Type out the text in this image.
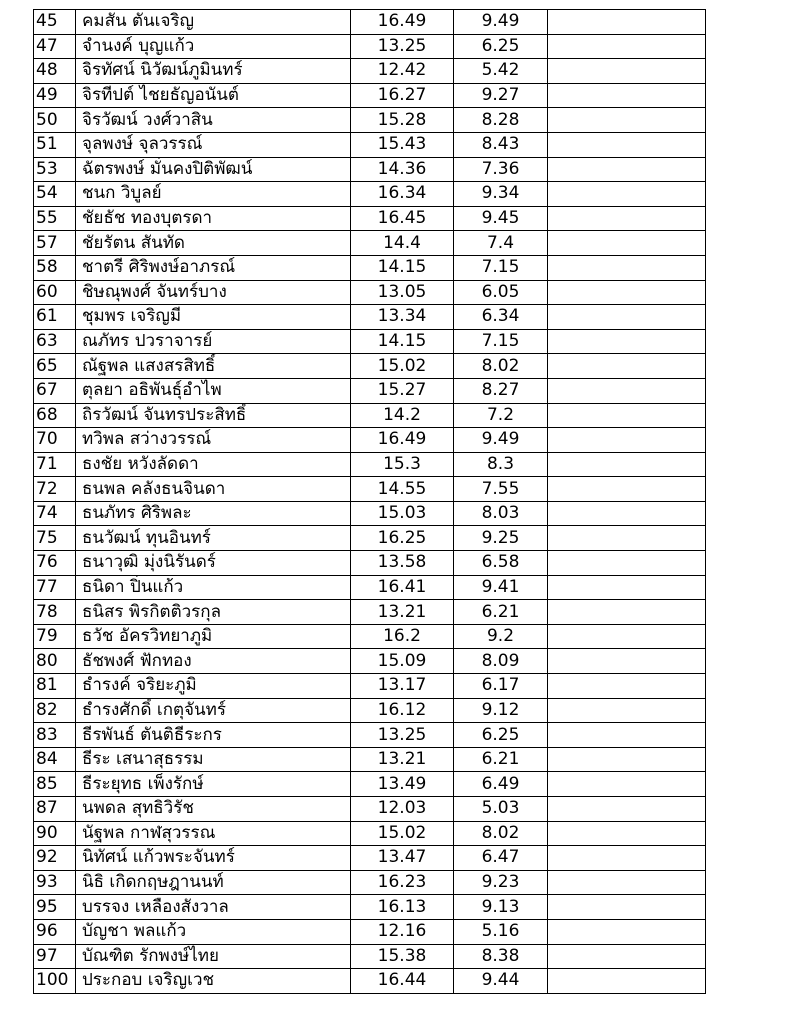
45	คมสัน ตันเจริญ	16.49	9.49	
47	จำนงค์ บุญแก้ว	13.25	6.25	
48	จิรทัศน์ นิวัฒน์ภูมินทร์	12.42	5.42	
49	จิรทีปต์ ไชยธัญอนันต์	16.27	9.27	
50	จิรวัฒน์ วงศ์วาสิน	15.28	8.28	
51	จุลพงษ์ จุลวรรณ์	15.43	8.43	
53	ฉัตรพงษ์ มั่นคงปิติพัฒน์	14.36	7.36	
54	ชนก วิบูลย์	16.34	9.34	
55	ชัยธัช ทองบุตรดา	16.45	9.45	
57	ชัยรัตน สันทัด	14.4	7.4	
58	ชาตรี ศิริพงษ์อาภรณ์	14.15	7.15	
60	ชิษณุพงศ์ จันทร์บาง	13.05	6.05	
61	ชุมพร เจริญมี	13.34	6.34	
63	ณภัทร ปวราจารย์	14.15	7.15	
65	ณัฐพล แสงสรสิทธิ์	15.02	8.02	
67	ตุลยา อธิพันธุ์อำไพ	15.27	8.27	
68	ถิรวัฒน์ จันทรประสิทธิ์	14.2	7.2	
70	ทวิพล สว่างวรรณ์	16.49	9.49	
71	ธงชัย หวังลัดดา	15.3	8.3	
72	ธนพล คลังธนจินดา	14.55	7.55	
74	ธนภัทร ศิริพละ	15.03	8.03	
75	ธนวัฒน์ ทุนอินทร์	16.25	9.25	
76	ธนาวุฒิ มุ่งนิรันดร์	13.58	6.58	
77	ธนิดา ปิ่นแก้ว	16.41	9.41	
78	ธนิสร พิรกิตติวรกุล	13.21	6.21	
79	ธวัช อัครวิทยาภูมิ	16.2	9.2	
80	ธัชพงศ์ ฟักทอง	15.09	8.09	
81	ธำรงค์ จริยะภูมิ	13.17	6.17	
82	ธำรงศักดิ์ เกตุจันทร์	16.12	9.12	
83	ธีรพันธ์ ตันติธีระกร	13.25	6.25	
84	ธีระ เสนาสุธรรม	13.21	6.21	
85	ธีระยุทธ เพ็งรักษ์	13.49	6.49	
87	นพดล สุทธิวิรัช	12.03	5.03	
90	นัฐพล กาฬสุวรรณ	15.02	8.02	
92	นิทัศน์ แก้วพระจันทร์	13.47	6.47	
93	นิธิ เกิดกฤษฎานนท์	16.23	9.23	
95	บรรจง เหลืองสังวาล	16.13	9.13	
96	บัญชา พลแก้ว	12.16	5.16	
97	บัณฑิต รักพงษ์ไทย	15.38	8.38	
100	ประกอบ เจริญเวช	16.44	9.44	
